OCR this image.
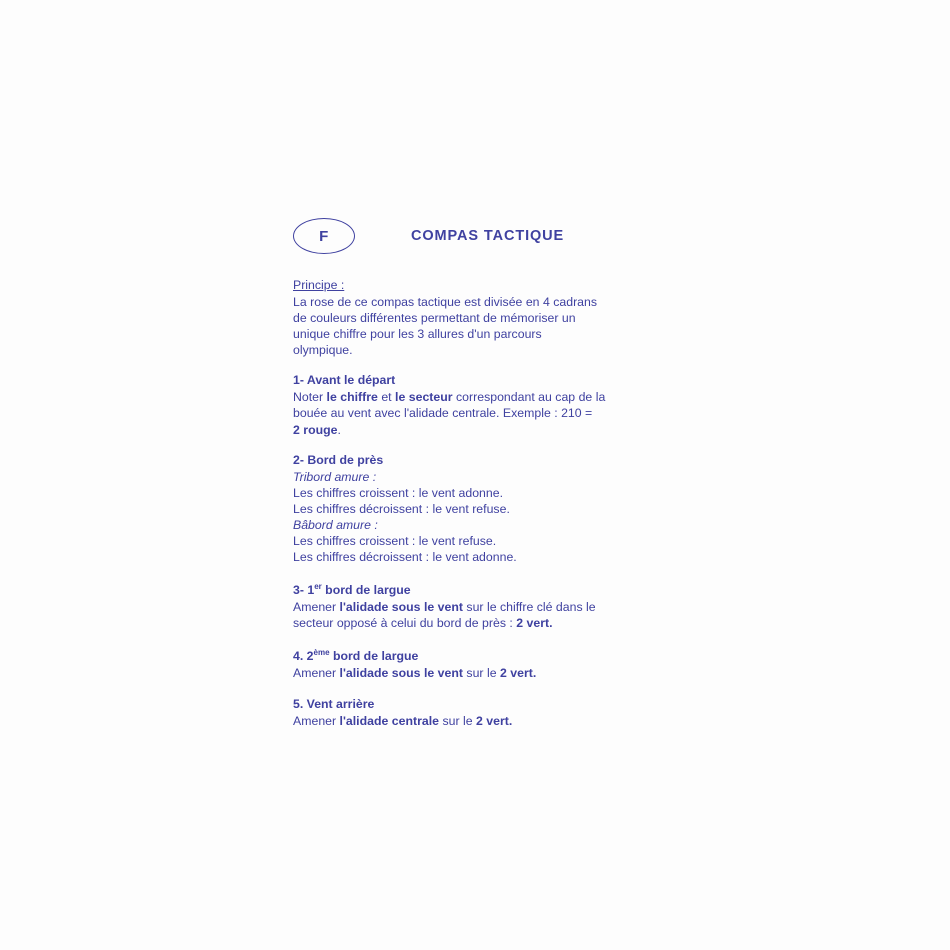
F	COMPAS TACTIQUE
Principe :

La rose de ce compas tactique est divisée en 4 cadrans
de couleurs différentes permettant de mémoriser un
unique chiffre pour les 3 allures d'un parcours
olympique.

1- Avant le départ

Noter le chiffre et le secteur correspondant au cap de la
bouée au vent avec l'alidade centrale. Exemple : 210 =
2 rouge.

2- Bord de près
Tribord amure :

Les chiffres croissent : le vent adonne.
Les chiffres décroissent : le vent refuse.

Bâbord amure :

Les chiffres croissent : le vent refuse.
Les chiffres décroissent : le vent adonne.

3- 1er bord de largue

Amener l'alidade sous le vent sur le chiffre clé dans le
secteur opposé à celui du bord de près : 2 vert.

4. 2ème bord de largue

Amener l'alidade sous le vent sur le 2 vert.

5. Vent arrière

Amener l'alidade centrale sur le 2 vert.
